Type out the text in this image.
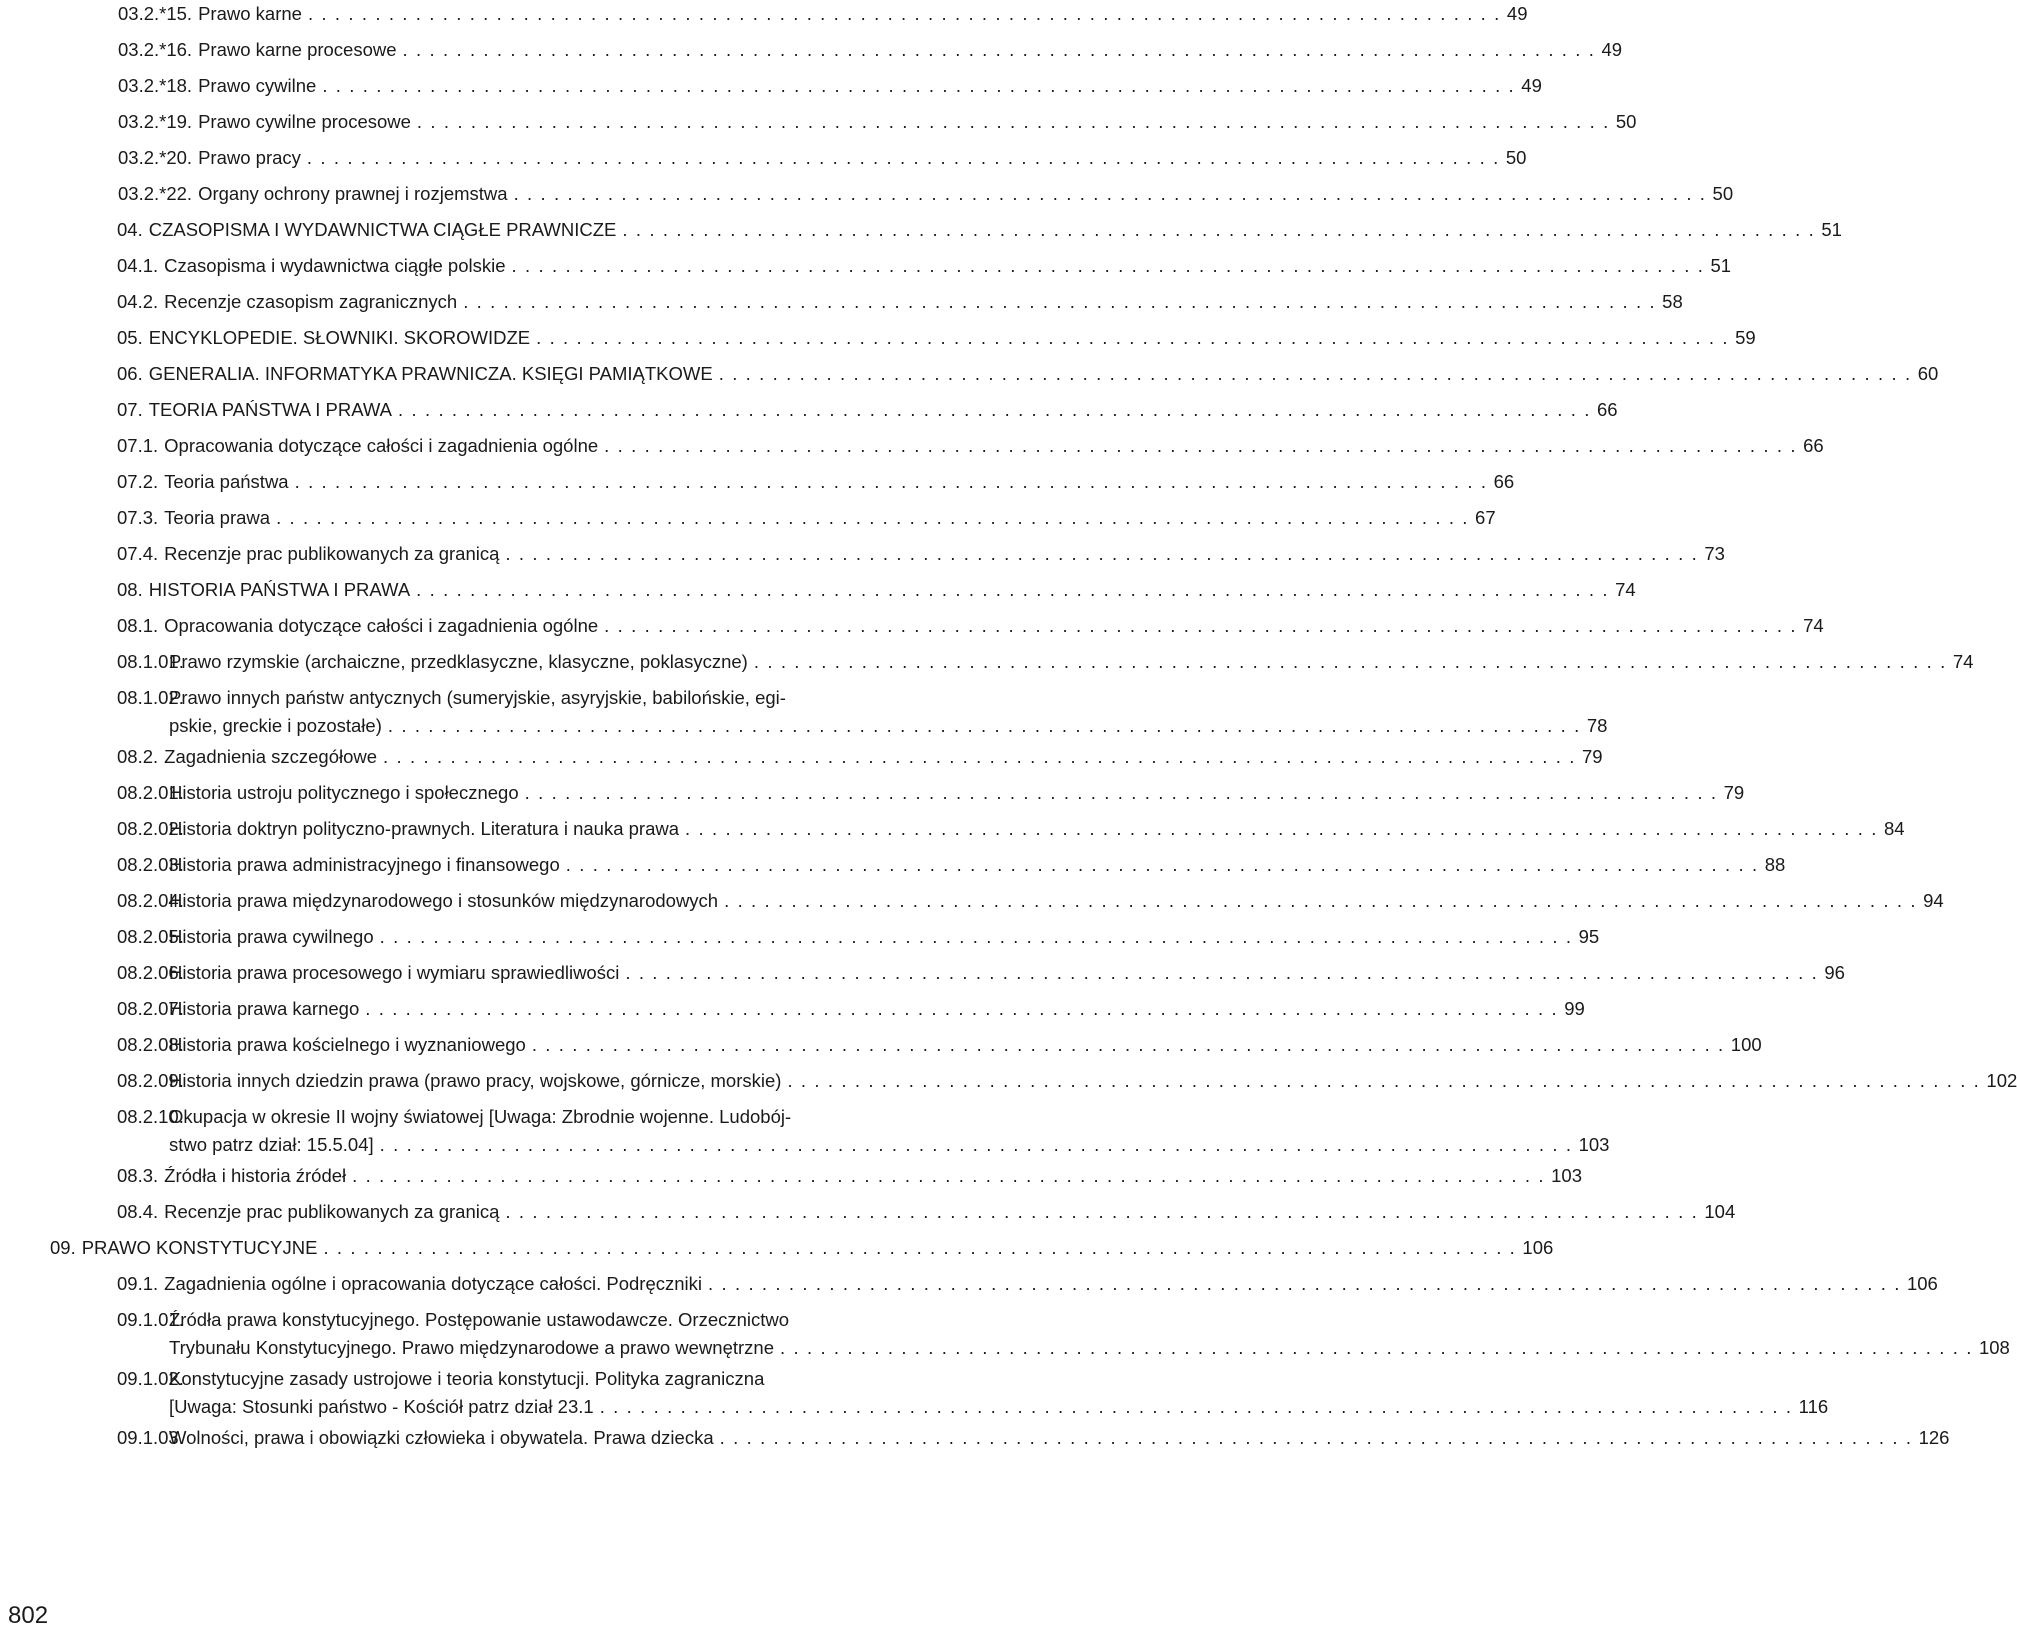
03.2.*15. Prawo karne . . .	49
03.2.*16. Prawo karne procesowe . . .	49
03.2.*18. Prawo cywilne . . .	49
03.2.*19. Prawo cywilne procesowe . . .	50
03.2.*20. Prawo pracy . . .	50
03.2.*22. Organy ochrony prawnej i rozjemstwa . . .	50
04. CZASOPISMA I WYDAWNICTWA CIĄGŁE PRAWNICZE . . .	51
04.1. Czasopisma i wydawnictwa ciągłe polskie . . .	51
04.2. Recenzje czasopism zagranicznych . . .	58
05. ENCYKLOPEDIE. SŁOWNIKI. SKOROWIDZE . . .	59
06. GENERALIA. INFORMATYKA PRAWNICZA. KSIĘGI PAMIĄTKOWE . . .	60
07. TEORIA PAŃSTWA I PRAWA . . .	66
07.1. Opracowania dotyczące całości i zagadnienia ogólne . . .	66
07.2. Teoria państwa . . .	66
07.3. Teoria prawa . . .	67
07.4. Recenzje prac publikowanych za granicą . . .	73
08. HISTORIA PAŃSTWA I PRAWA . . .	74
08.1. Opracowania dotyczące całości i zagadnienia ogólne . . .	74
08.1.01.
Prawo rzymskie (archaiczne, przedklasyczne, klasyczne, poklasyczne) . . .	74
08.1.02.
Prawo innych państw antycznych (sumeryjskie, asyryjskie, babilońskie, egi-
pskie, greckie i pozostałe) . . .	78
08.2. Zagadnienia szczegółowe . . .	79
08.2.01.
Historia ustroju politycznego i społecznego . . .	79
08.2.02.
Historia doktryn polityczno-prawnych. Literatura i nauka prawa . . .	84
08.2.03.
Historia prawa administracyjnego i finansowego . . .	88
08.2.04.
Historia prawa międzynarodowego i stosunków międzynarodowych . . .	94
08.2.05.
Historia prawa cywilnego . . .	95
08.2.06.
Historia prawa procesowego i wymiaru sprawiedliwości . . .	96
08.2.07.
Historia prawa karnego . . .	99
08.2.08.
Historia prawa kościelnego i wyznaniowego . . .	100
08.2.09.
Historia innych dziedzin prawa (prawo pracy, wojskowe, górnicze, morskie) . . .	102
08.2.10.
Okupacja w okresie II wojny światowej [Uwaga: Zbrodnie wojenne. Ludobój-
stwo patrz dział: 15.5.04] . . .	103
08.3. Źródła i historia źródeł . . .	103
08.4. Recenzje prac publikowanych za granicą . . .	104
09. PRAWO KONSTYTUCYJNE . . .	106
09.1. Zagadnienia ogólne i opracowania dotyczące całości. Podręczniki . . .	106
09.1.01.
Źródła prawa konstytucyjnego. Postępowanie ustawodawcze. Orzecznictwo
Trybunału Konstytucyjnego. Prawo międzynarodowe a prawo wewnętrzne . . .	108
09.1.02.
Konstytucyjne zasady ustrojowe i teoria konstytucji. Polityka zagraniczna
[Uwaga: Stosunki państwo - Kościół patrz dział 23.1 . . .	116
09.1.03.
Wolności, prawa i obowiązki człowieka i obywatela. Prawa dziecka . . .	126
802
